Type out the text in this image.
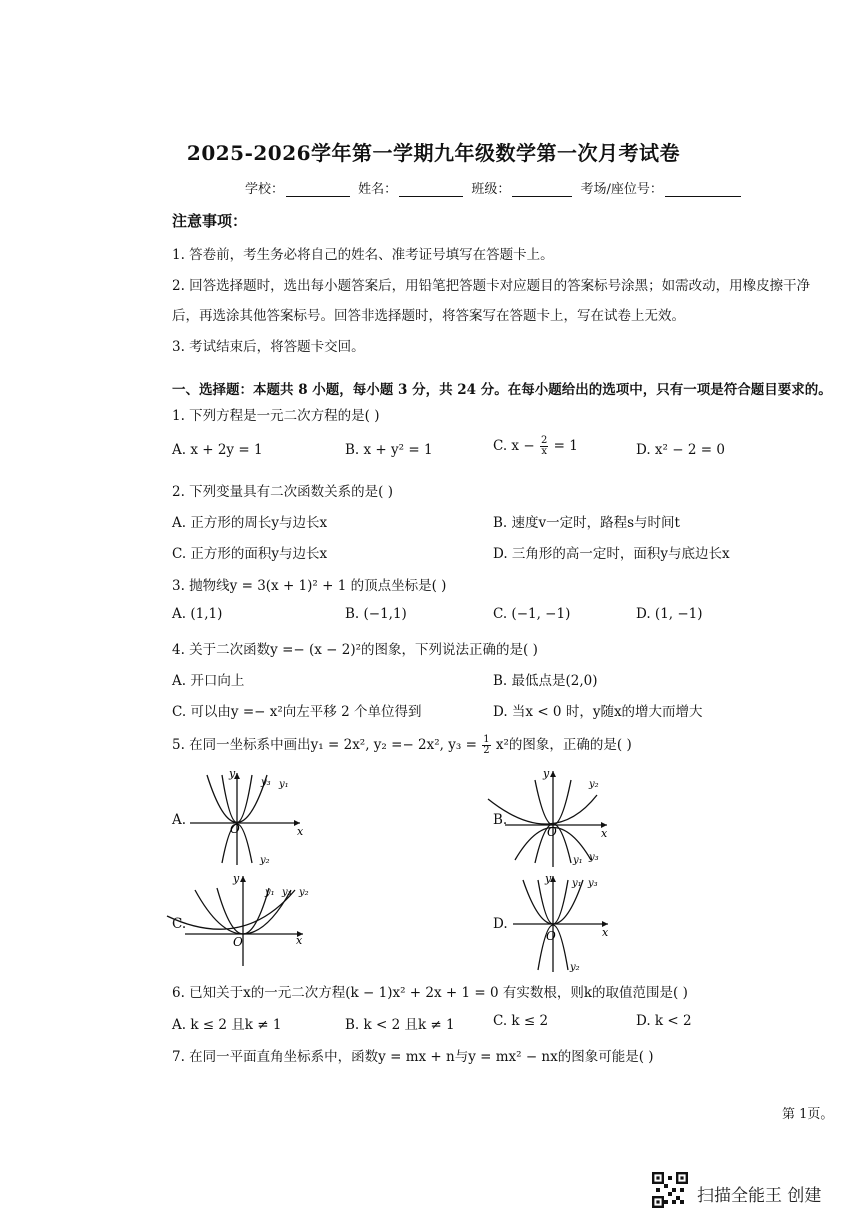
2025-2026学年第一学期九年级数学第一次月考试卷
学校：	姓名：	班级：	考场/座位号：
注意事项：
1. 答卷前，考生务必将自己的姓名、准考证号填写在答题卡上。
2. 回答选择题时，选出每小题答案后，用铅笔把答题卡对应题目的答案标号涂黑；如需改动，用橡皮擦干净
后，再选涂其他答案标号。回答非选择题时，将答案写在答题卡上，写在试卷上无效。
3. 考试结束后，将答题卡交回。
一、选择题：本题共 8 小题，每小题 3 分，共 24 分。在每小题给出的选项中，只有一项是符合题目要求的。
1. 下列方程是一元二次方程的是( )
A. x + 2y = 1	B. x + y² = 1	C. $x - \frac{2}{x} = 1$	D. x² − 2 = 0
2. 下列变量具有二次函数关系的是( )
A. 正方形的周长y与边长x	B. 速度v一定时，路程s与时间t
C. 正方形的面积y与边长x	D. 三角形的高一定时，面积y与底边长x
3. 抛物线y = 3(x + 1)² + 1 的顶点坐标是( )
A. (1,1)	B. (−1,1)	C. (−1, −1)	D. (1, −1)
4. 关于二次函数y =− (x − 2)²的图象，下列说法正确的是( )
A. 开口向上	B. 最低点是(2,0)
C. 可以由y =− x²向左平移 2 个单位得到	D. 当x < 0 时，y随x的增大而增大
5. 在同一坐标系中画出y₁ = 2x², y₂ =− 2x², $y_3 = \frac{1}{2} x^2$的图象，正确的是( )
A.
O	x
y
y₃ y₁
y₂
B.
O	x
y
y₂
y₁ y₃
C.
O	x
y
y₁ y₃ y₂
D.
O	x
y y₁ y₃
y₂
6. 已知关于x的一元二次方程(k − 1)x² + 2x + 1 = 0 有实数根，则k的取值范围是( )
A. k ≤ 2 且k ≠ 1	B. k < 2 且k ≠ 1	C. k ≤ 2	D. k < 2
7. 在同一平面直角坐标系中，函数y = mx + n与y = mx² − nx的图象可能是( )
第 1页。
扫描全能王 创建
